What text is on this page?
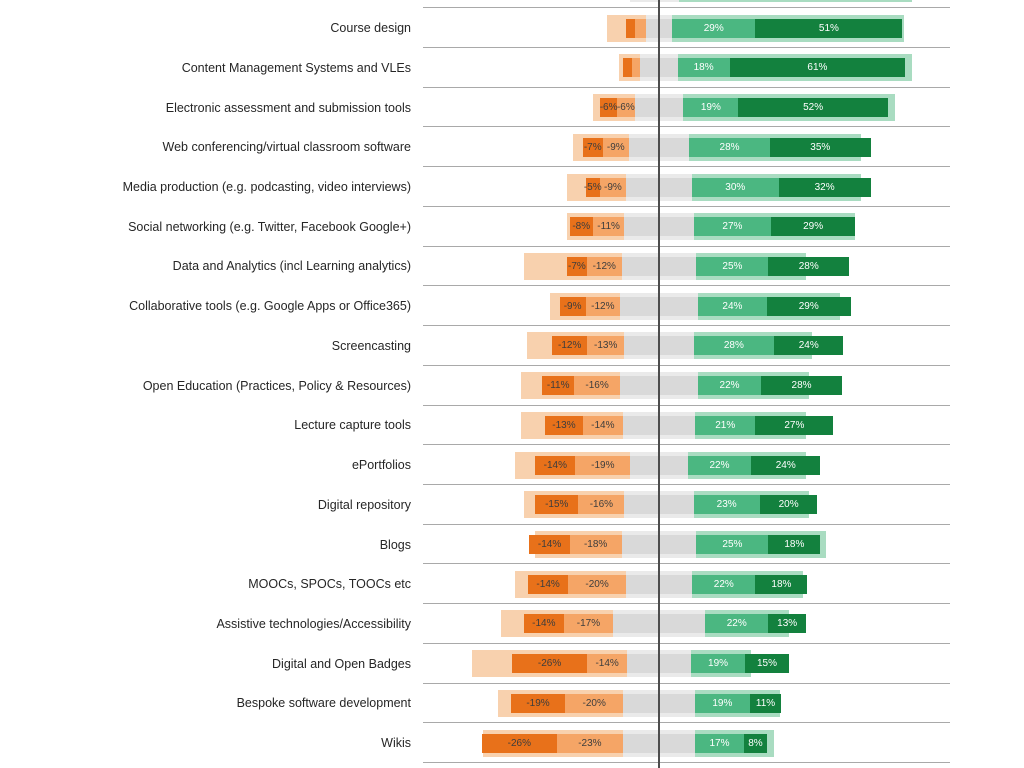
29%	51%
Course design
18%	61%
Content Management Systems and VLEs
-6% -6%	19%	52%
Electronic assessment and submission tools
-7% -9%	28%	35%
Web conferencing/virtual classroom software
-5% -9%	30%	32%
Media production (e.g. podcasting, video interviews)
-8% -11%	27%	29%
Social networking (e.g. Twitter, Facebook Google+)
-7% -12%	25%	28%
Data and Analytics (incl Learning analytics)
-9% -12%	24%	29%
Collaborative tools (e.g. Google Apps or Office365)
-12% -13%	28%	24%
Screencasting
-11% -16%	22%	28%
Open Education (Practices, Policy & Resources)
-13% -14%	21%	27%
Lecture capture tools
-14% -19%	22%	24%
ePortfolios
-15% -16%	23%	20%
Digital repository
-14% -18%	25%	18%
Blogs
-14%	-20%	22%	18%
MOOCs, SPOCs, TOOCs etc
-14% -17%	22%	13%
Assistive technologies/Accessibility
-26%	-14%	19%	15%
Digital and Open Badges
-19%	-20%	19% 11%
Bespoke software development
-26%	-23%	17% 8%
Wikis
